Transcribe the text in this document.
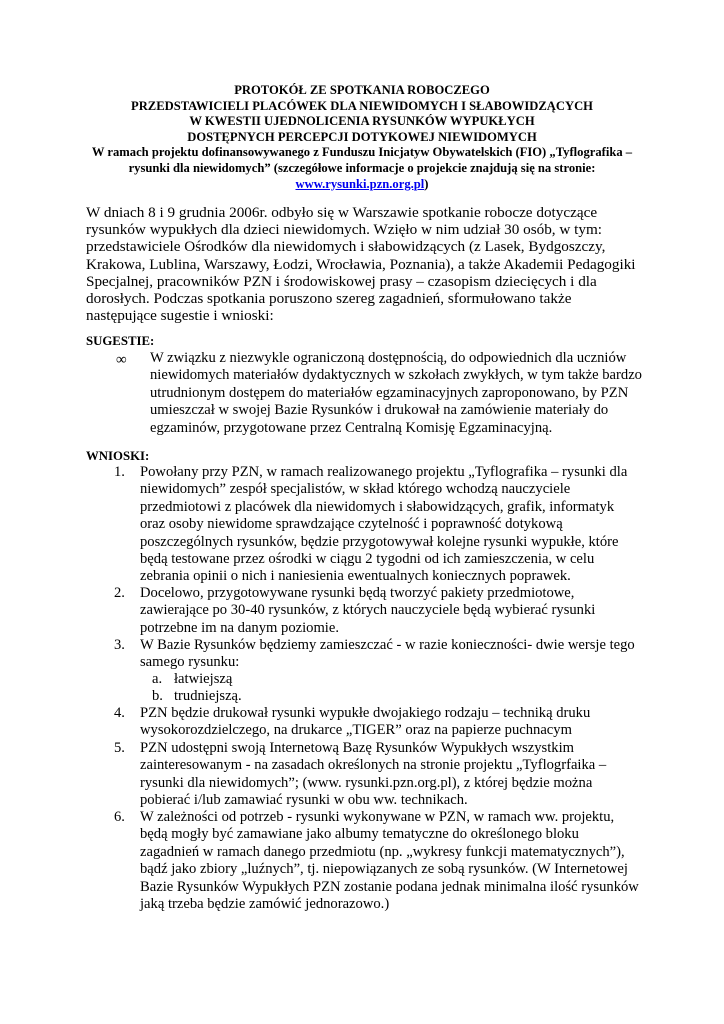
PROTOKÓŁ ZE SPOTKANIA ROBOCZEGO
PRZEDSTAWICIELI PLACÓWEK DLA NIEWIDOMYCH I SŁABOWIDZĄCYCH
W KWESTII UJEDNOLICENIA RYSUNKÓW WYPUKŁYCH
DOSTĘPNYCH PERCEPCJI DOTYKOWEJ NIEWIDOMYCH
W ramach projektu dofinansowywanego z Funduszu Inicjatyw Obywatelskich (FIO) „Tyflografika – rysunki dla niewidomych” (szczegółowe informacje o projekcie znajdują się na stronie: www.rysunki.pzn.org.pl)
W dniach 8 i 9 grudnia 2006r. odbyło się w Warszawie spotkanie robocze dotyczące rysunków wypukłych dla dzieci niewidomych. Wzięło w nim udział 30 osób, w tym: przedstawiciele Ośrodków dla niewidomych i słabowidzących (z Lasek, Bydgoszczy, Krakowa, Lublina, Warszawy, Łodzi, Wrocławia, Poznania), a także Akademii Pedagogiki Specjalnej, pracowników PZN i środowiskowej prasy – czasopism dziecięcych i dla dorosłych. Podczas spotkania poruszono szereg zagadnień, sformułowano także następujące sugestie i wnioski:
SUGESTIE:
∞ W związku z niezwykle ograniczoną dostępnością, do odpowiednich dla uczniów niewidomych materiałów dydaktycznych w szkołach zwykłych, w tym także bardzo utrudnionym dostępem do materiałów egzaminacyjnych zaproponowano, by PZN umieszczał w swojej Bazie Rysunków i drukował na zamówienie materiały do egzaminów, przygotowane przez Centralną Komisję Egzaminacyjną.
WNIOSKI:
1. Powołany przy PZN, w ramach realizowanego projektu „Tyflografika – rysunki dla niewidomych” zespół specjalistów, w skład którego wchodzą nauczyciele przedmiotowi z placówek dla niewidomych i słabowidzących, grafik, informatyk oraz osoby niewidome sprawdzające czytelność i poprawność dotykową poszczególnych rysunków, będzie przygotowywał kolejne rysunki wypukłe, które będą testowane przez ośrodki w ciągu 2 tygodni od ich zamieszczenia, w celu zebrania opinii o nich i naniesienia ewentualnych koniecznych poprawek.
2. Docelowo, przygotowywane rysunki będą tworzyć pakiety przedmiotowe, zawierające po 30-40 rysunków, z których nauczyciele będą wybierać rysunki potrzebne im na danym poziomie.
3. W Bazie Rysunków będziemy zamieszczać - w razie konieczności- dwie wersje tego samego rysunku:
a. łatwiejszą
b. trudniejszą.
4. PZN będzie drukował rysunki wypukłe dwojakiego rodzaju – techniką druku wysokorozdzielczego, na drukarce „TIGER” oraz na papierze puchnacym
5. PZN udostępni swoją Internetową Bazę Rysunków Wypukłych wszystkim zainteresowanym - na zasadach określonych na stronie projektu „Tyflogrfaika – rysunki dla niewidomych”; (www. rysunki.pzn.org.pl), z której będzie można pobierać i/lub zamawiać rysunki w obu ww. technikach.
6. W zależności od potrzeb - rysunki wykonywane w PZN, w ramach ww. projektu, będą mogły być zamawiane jako albumy tematyczne do określonego bloku zagadnień w ramach danego przedmiotu (np. „wykresy funkcji matematycznych”), bądź jako zbiory „luźnych”, tj. niepowiązanych ze sobą rysunków. (W Internetowej Bazie Rysunków Wypukłych PZN zostanie podana jednak minimalna ilość rysunków jaką trzeba będzie zamówić jednorazowo.)
